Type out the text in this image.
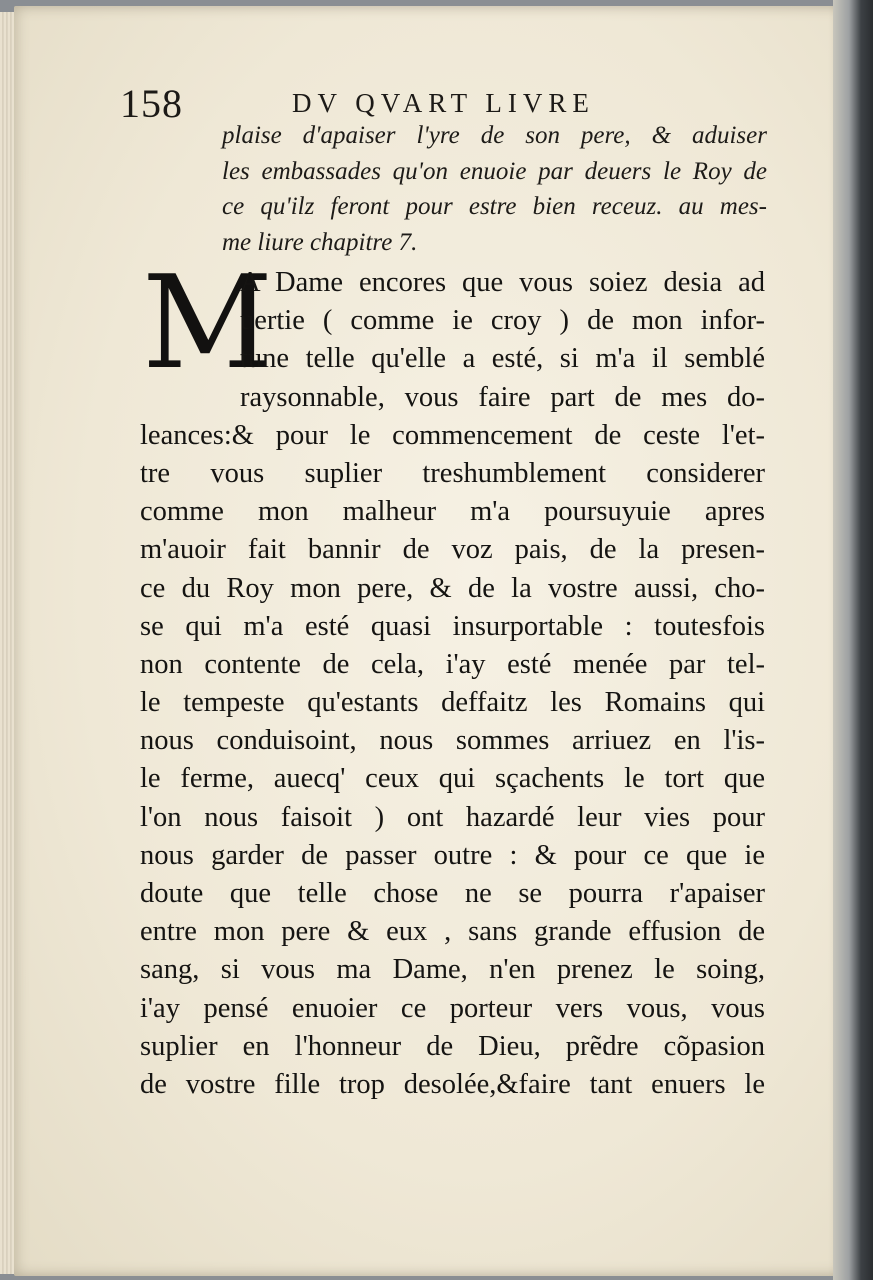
158	DV QVART LIVRE
plaise d'apaiser l'yre de son pere, & aduiser
les embassades qu'on enuoie par deuers le Roy de
ce qu'ilz feront pour estre bien receuz. au mes-
me liure chapitre 7.
M
A Dame encores que vous soiez desia ad
uertie ( comme ie croy ) de mon infor-
tune telle qu'elle a esté, si m'a il semblé
raysonnable, vous faire part de mes do-
leances:& pour le commencement de ceste l'et-
tre vous suplier treshumblement considerer
comme mon malheur m'a poursuyuie apres
m'auoir fait bannir de voz pais, de la presen-
ce du Roy mon pere, & de la vostre aussi, cho-
se qui m'a esté quasi insurportable : toutesfois
non contente de cela, i'ay esté menée par tel-
le tempeste qu'estants deffaitz les Romains qui
nous conduisoint, nous sommes arriuez en l'is-
le ferme, auecq' ceux qui sçachents le tort que
l'on nous faisoit ) ont hazardé leur vies pour
nous garder de passer outre : & pour ce que ie
doute que telle chose ne se pourra r'apaiser
entre mon pere & eux , sans grande effusion de
sang, si vous ma Dame, n'en prenez le soing,
i'ay pensé enuoier ce porteur vers vous, vous
suplier en l'honneur de Dieu, prẽdre cõpasion
de vostre fille trop desolée,&faire tant enuers le
